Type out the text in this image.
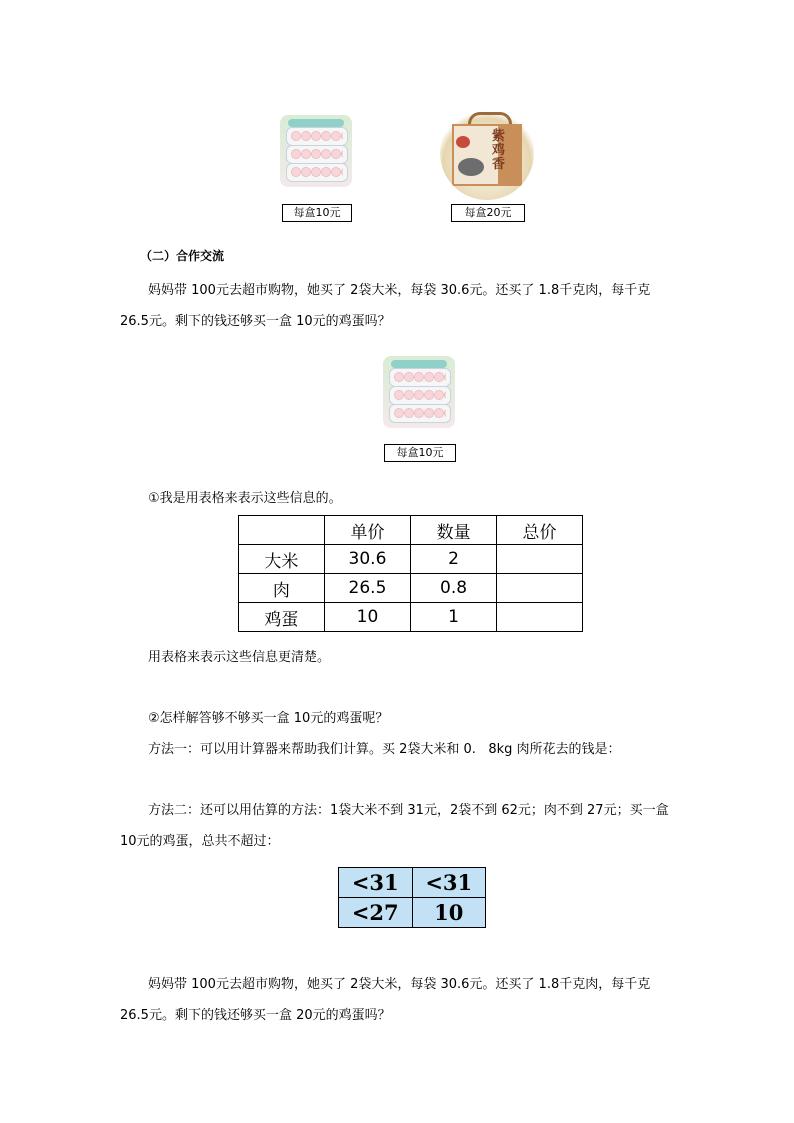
每盒10元
紫鸡香
每盒20元
（二）合作交流
妈妈带 100元去超市购物，她买了 2袋大米，每袋 30.6元。还买了 1.8千克肉，每千克 26.5元。剩下的钱还够买一盒 10元的鸡蛋吗？
每盒10元
①我是用表格来表示这些信息的。
	单价	数量	总价
大米	30.6	2	
肉	26.5	0.8	
鸡蛋	10	1	
用表格来表示这些信息更清楚。
②怎样解答够不够买一盒 10元的鸡蛋呢？
方法一：可以用计算器来帮助我们计算。买 2袋大米和 0.   8kg 肉所花去的钱是：
方法二：还可以用估算的方法：1袋大米不到 31元，2袋不到 62元；肉不到 27元；买一盒 10元的鸡蛋，总共不超过：
<31	<31
<27	10
妈妈带 100元去超市购物，她买了 2袋大米，每袋 30.6元。还买了 1.8千克肉，每千克 26.5元。剩下的钱还够买一盒 20元的鸡蛋吗？
